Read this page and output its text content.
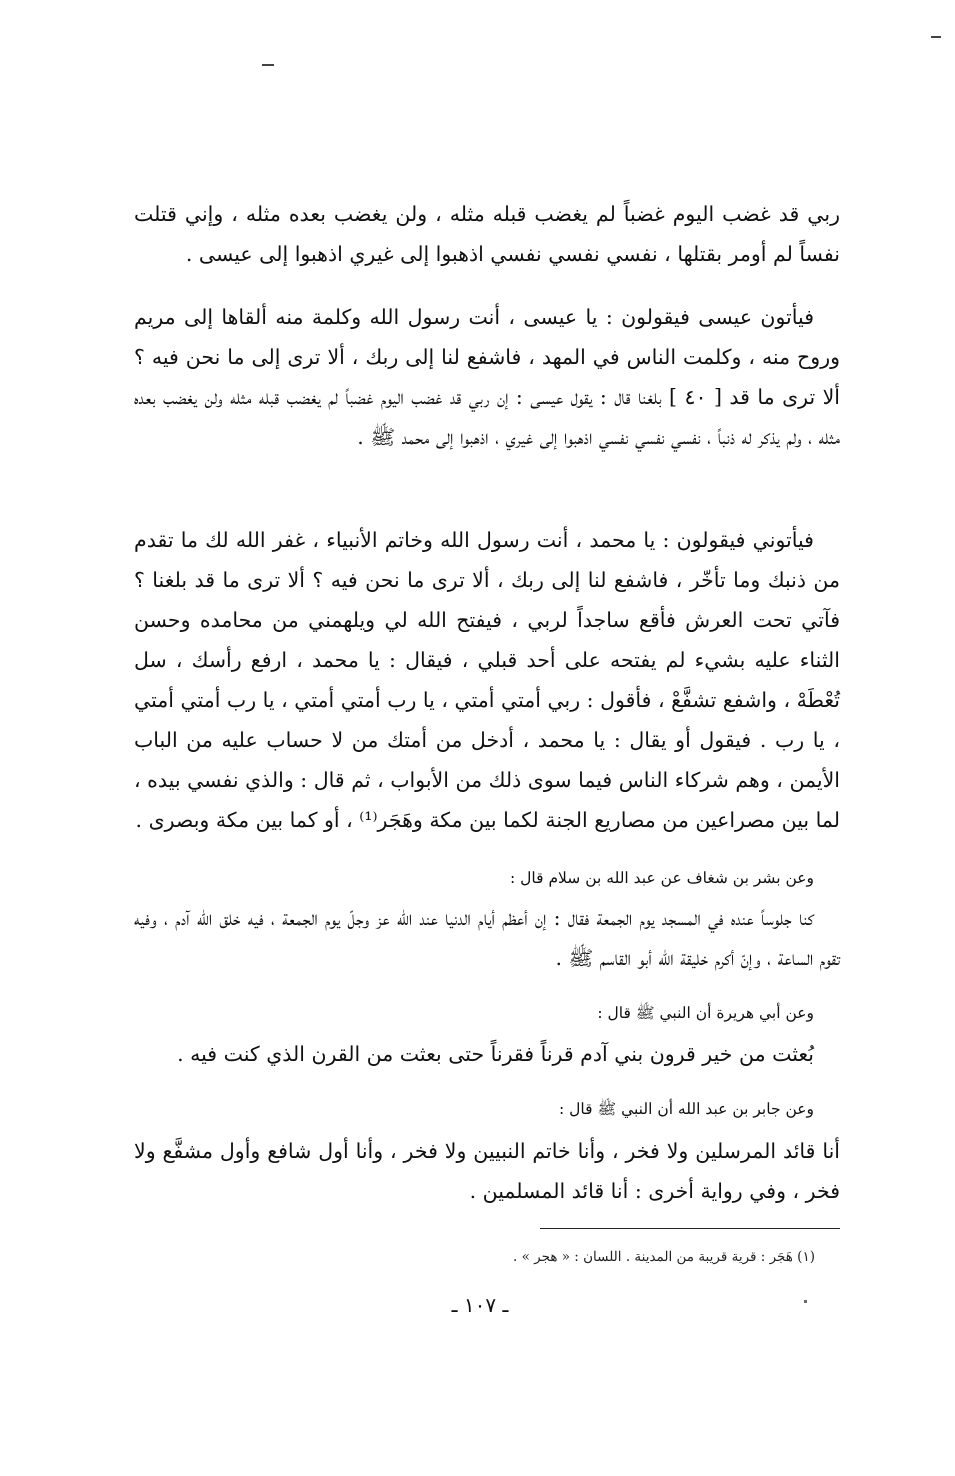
ربي قد غضب اليوم غضباً لم يغضب قبله مثله ، ولن يغضب بعده مثله ، وإني قتلت نفساً لم أومر بقتلها ، نفسي نفسي نفسي اذهبوا إلى غيري اذهبوا إلى عيسى .

فيأتون عيسى فيقولون : يا عيسى ، أنت رسول الله وكلمة منه ألقاها إلى مريم وروح منه ، وكلمت الناس في المهد ، فاشفع لنا إلى ربك ، ألا ترى إلى ما نحن فيه ؟ ألا ترى ما قد [ ٤٠ ] بلغنا قال : يقول عيسى : إن ربي قد غضب اليوم غضباً لم يغضب قبله مثله ولن يغضب بعده مثله ، ولم يذكر له ذنباً ، نفسي نفسي نفسي اذهبوا إلى غيري ، اذهبوا إلى محمد ﷺ .

فيأتوني فيقولون : يا محمد ، أنت رسول الله وخاتم الأنبياء ، غفر الله لك ما تقدم من ذنبك وما تأخّر ، فاشفع لنا إلى ربك ، ألا ترى ما نحن فيه ؟ ألا ترى ما قد بلغنا ؟ فآتي تحت العرش فأقع ساجداً لربي ، فيفتح الله لي ويلهمني من محامده وحسن الثناء عليه بشيء لم يفتحه على أحد قبلي ، فيقال : يا محمد ، ارفع رأسك ، سل تُعْطَهْ ، واشفع تشفَّعْ ، فأقول : ربي أمتي أمتي ، يا رب أمتي أمتي ، يا رب أمتي أمتي ، يا رب . فيقول أو يقال : يا محمد ، أدخل من أمتك من لا حساب عليه من الباب الأيمن ، وهم شركاء الناس فيما سوى ذلك من الأبواب ، ثم قال : والذي نفسي بيده ، لما بين مصراعين من مصاريع الجنة لكما بين مكة وهَجَر⁽¹⁾ ، أو كما بين مكة وبصرى .

وعن بشر بن شغاف عن عبد الله بن سلام قال :

كنا جلوساً عنده في المسجد يوم الجمعة فقال : إن أعظم أيام الدنيا عند الله عز وجلّ يوم الجمعة ، فيه خلق الله آدم ، وفيه تقوم الساعة ، وإنّ أكرم خليقة الله أبو القاسم ﷺ .

وعن أبي هريرة أن النبي ﷺ قال :

بُعثت من خير قرون بني آدم قرناً فقرناً حتى بعثت من القرن الذي كنت فيه .

وعن جابر بن عبد الله أن النبي ﷺ قال :

أنا قائد المرسلين ولا فخر ، وأنا خاتم النبيين ولا فخر ، وأنا أول شافع وأول مشفَّع ولا فخر ، وفي رواية أخرى : أنا قائد المسلمين .

(١) هَجَر : قرية قريبة من المدينة . اللسان : « هجر » .

ـ ١٠٧ ـ
